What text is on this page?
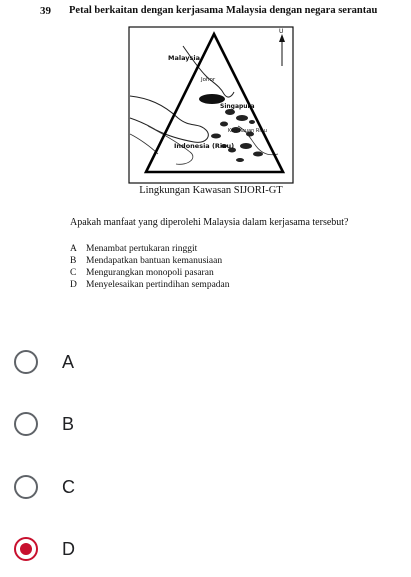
39 Petal berkaitan dengan kerjasama Malaysia dengan negara serantau
U
Malaysia
Johor
Singapura
Kepulauan Riau
Indonesia (Riau)
Lingkungan Kawasan SIJORI-GT
Apakah manfaat yang diperolehi Malaysia dalam kerjasama tersebut?
A Menambat pertukaran ringgit
B Mendapatkan bantuan kemanusiaan
C Mengurangkan monopoli pasaran
D Menyelesaikan pertindihan sempadan
A
B
C
D
